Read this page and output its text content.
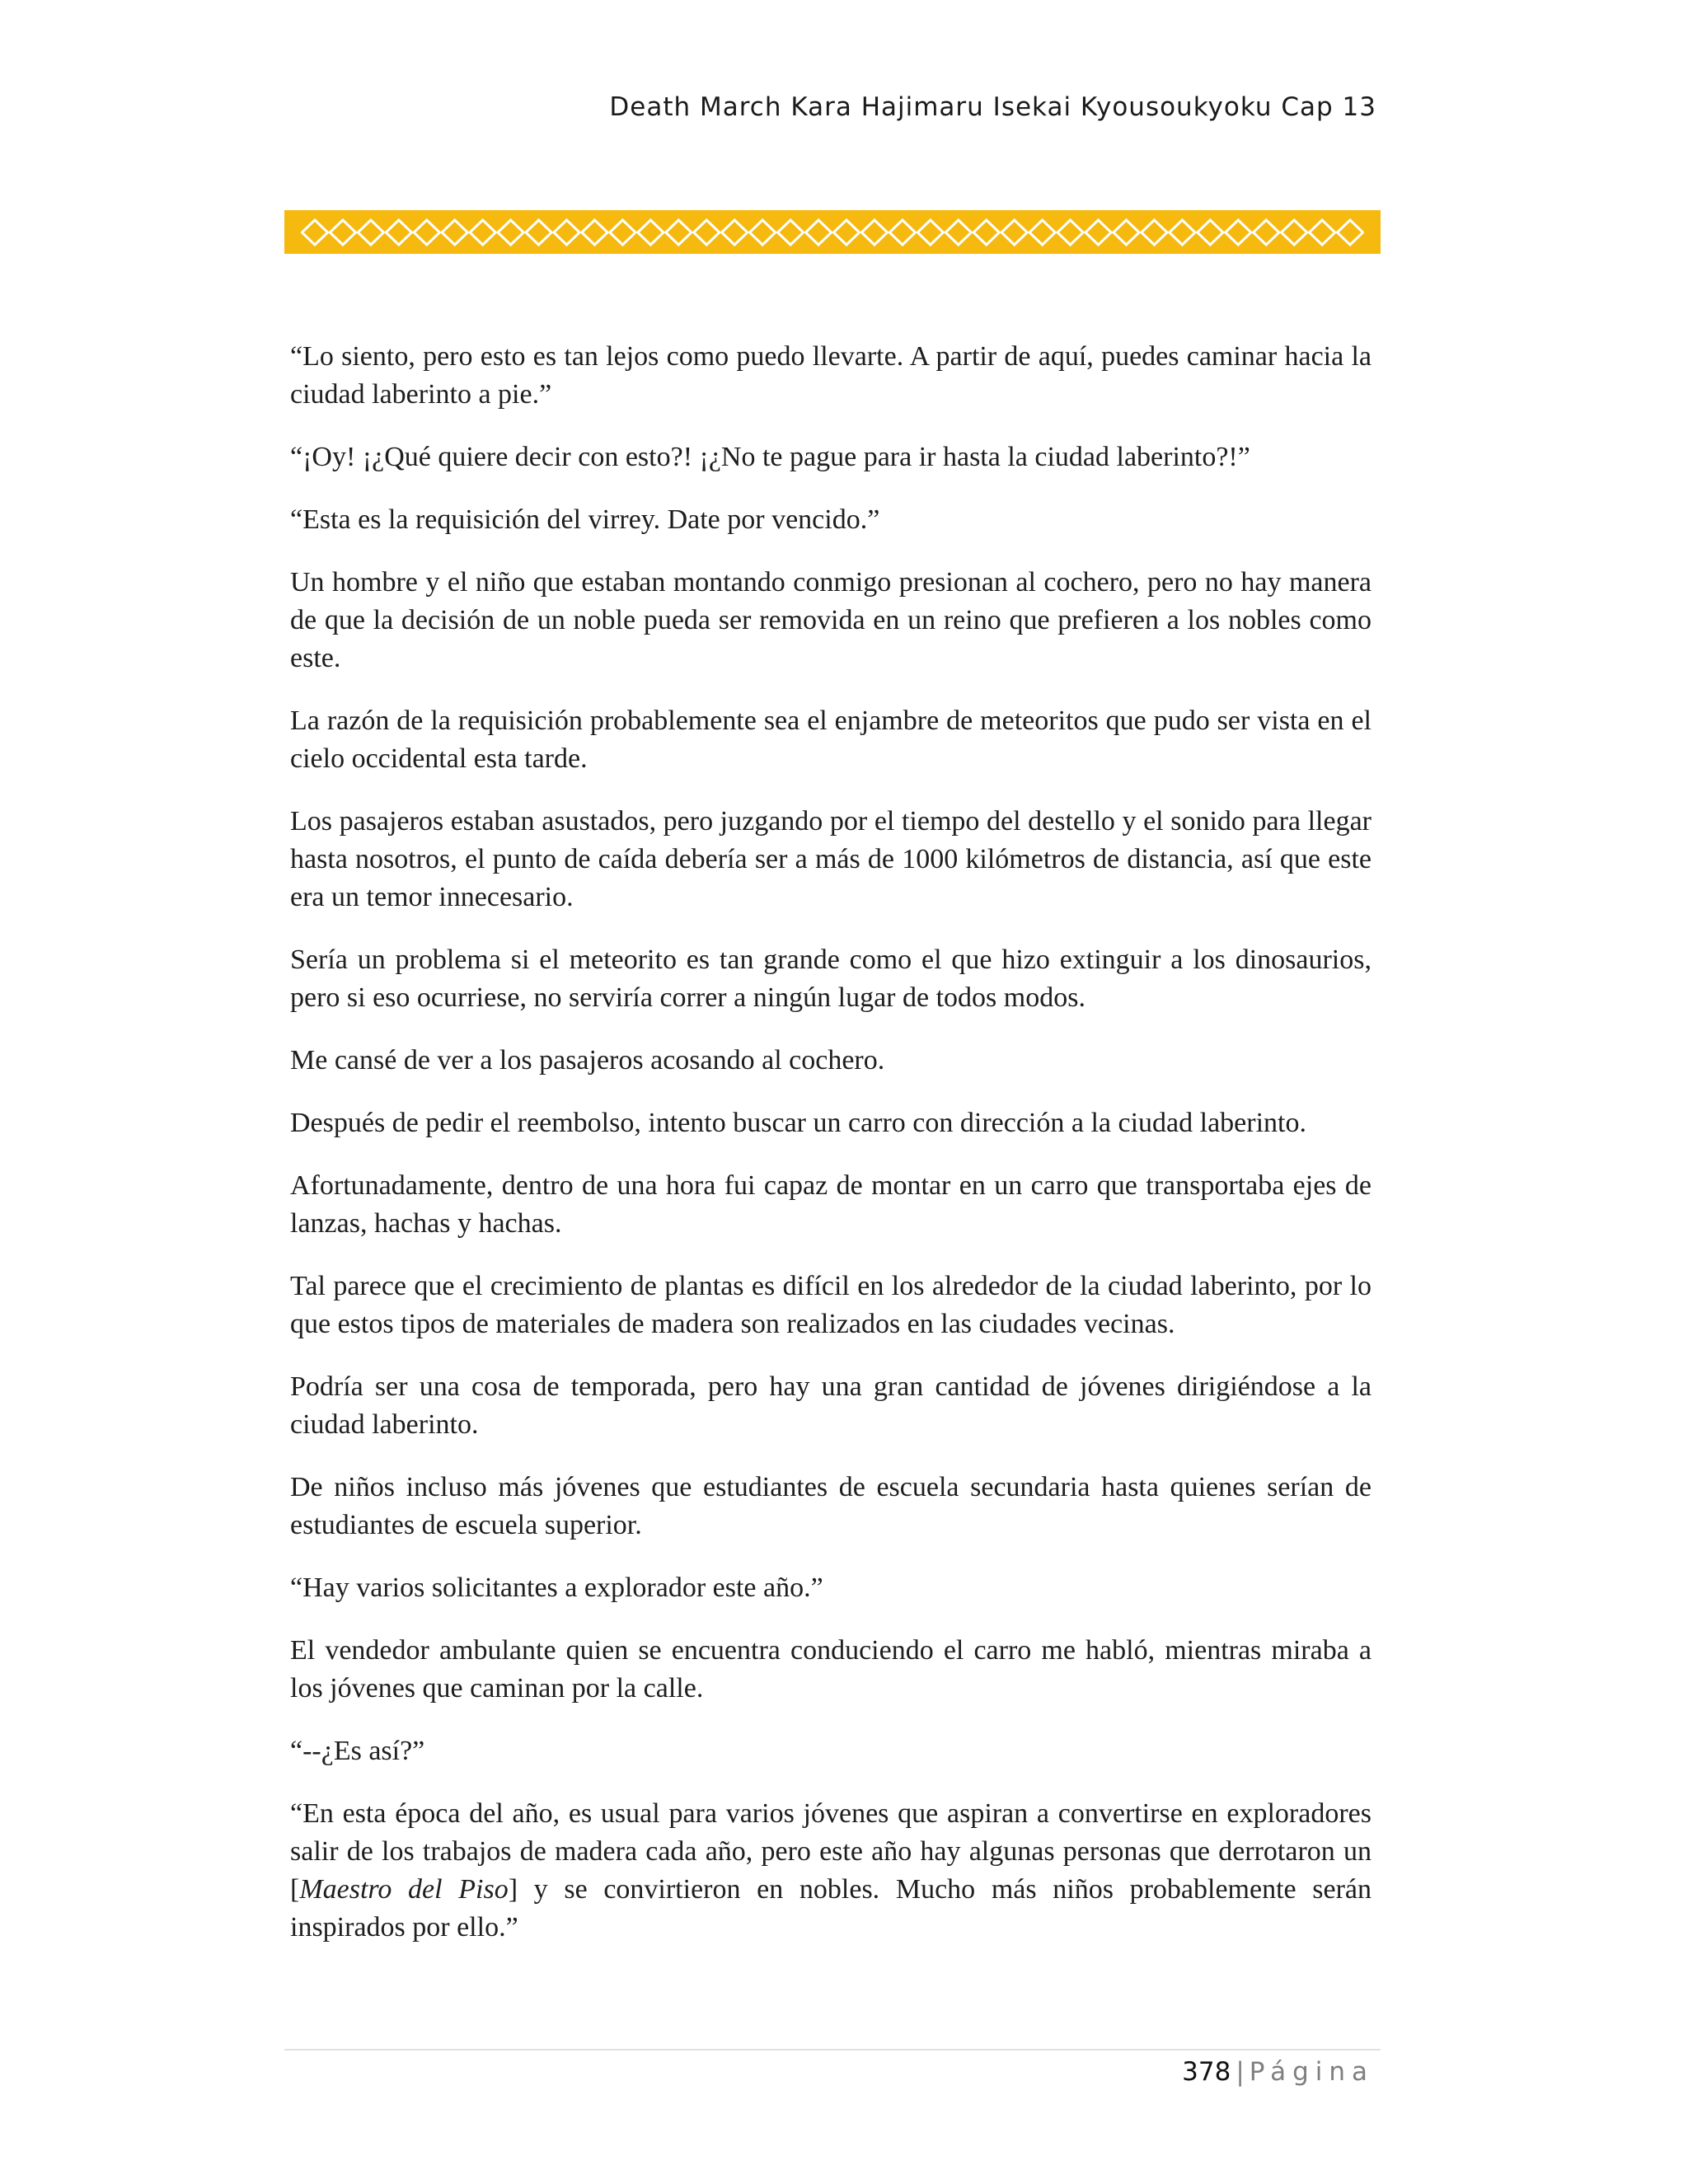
Death March Kara Hajimaru Isekai Kyousoukyoku Cap 13

“Lo siento, pero esto es tan lejos como puedo llevarte. A partir de aquí, puedes caminar hacia la ciudad laberinto a pie.”

“¡Oy! ¡¿Qué quiere decir con esto?! ¡¿No te pague para ir hasta la ciudad laberinto?!”

“Esta es la requisición del virrey. Date por vencido.”

Un hombre y el niño que estaban montando conmigo presionan al cochero, pero no hay manera de que la decisión de un noble pueda ser removida en un reino que prefieren a los nobles como este.

La razón de la requisición probablemente sea el enjambre de meteoritos que pudo ser vista en el cielo occidental esta tarde.

Los pasajeros estaban asustados, pero juzgando por el tiempo del destello y el sonido para llegar hasta nosotros, el punto de caída debería ser a más de 1000 kilómetros de distancia, así que este era un temor innecesario.

Sería un problema si el meteorito es tan grande como el que hizo extinguir a los dinosaurios, pero si eso ocurriese, no serviría correr a ningún lugar de todos modos.

Me cansé de ver a los pasajeros acosando al cochero.

Después de pedir el reembolso, intento buscar un carro con dirección a la ciudad laberinto.

Afortunadamente, dentro de una hora fui capaz de montar en un carro que transportaba ejes de lanzas, hachas y hachas.

Tal parece que el crecimiento de plantas es difícil en los alrededor de la ciudad laberinto, por lo que estos tipos de materiales de madera son realizados en las ciudades vecinas.

Podría ser una cosa de temporada, pero hay una gran cantidad de jóvenes dirigiéndose a la ciudad laberinto.

De niños incluso más jóvenes que estudiantes de escuela secundaria hasta quienes serían de estudiantes de escuela superior.

“Hay varios solicitantes a explorador este año.”

El vendedor ambulante quien se encuentra conduciendo el carro me habló, mientras miraba a los jóvenes que caminan por la calle.

“--¿Es así?”

“En esta época del año, es usual para varios jóvenes que aspiran a convertirse en exploradores salir de los trabajos de madera cada año, pero este año hay algunas personas que derrotaron un [Maestro del Piso] y se convirtieron en nobles. Mucho más niños probablemente serán inspirados por ello.”

378 | Página
